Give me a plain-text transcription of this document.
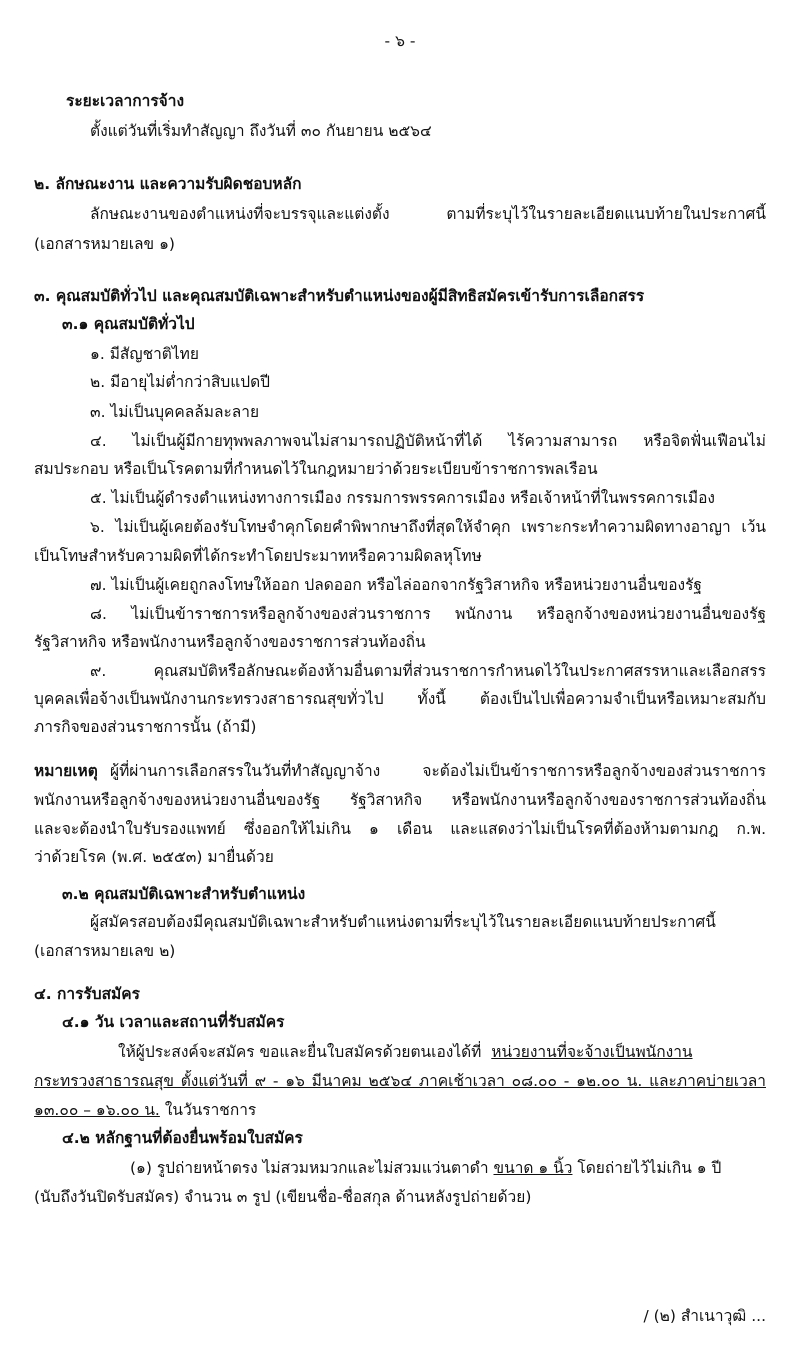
- ๖ -
ระยะเวลาการจ้าง
ตั้งแต่วันที่เริ่มทำสัญญา ถึงวันที่ ๓๐ กันยายน ๒๕๖๔
๒. ลักษณะงาน และความรับผิดชอบหลัก
ลักษณะงานของตำแหน่งที่จะบรรจุและแต่งตั้ง ตามที่ระบุไว้ในรายละเอียดแนบท้ายในประกาศนี้
(เอกสารหมายเลข ๑)
๓. คุณสมบัติทั่วไป และคุณสมบัติเฉพาะสำหรับตำแหน่งของผู้มีสิทธิสมัครเข้ารับการเลือกสรร
๓.๑ คุณสมบัติทั่วไป
๑. มีสัญชาติไทย
๒. มีอายุไม่ต่ำกว่าสิบแปดปี
๓. ไม่เป็นบุคคลล้มละลาย
๔. ไม่เป็นผู้มีกายทุพพลภาพจนไม่สามารถปฏิบัติหน้าที่ได้ ไร้ความสามารถ หรือจิตฟั่นเฟือนไม่
สมประกอบ หรือเป็นโรคตามที่กำหนดไว้ในกฎหมายว่าด้วยระเบียบข้าราชการพลเรือน
๕. ไม่เป็นผู้ดำรงตำแหน่งทางการเมือง กรรมการพรรคการเมือง หรือเจ้าหน้าที่ในพรรคการเมือง
๖. ไม่เป็นผู้เคยต้องรับโทษจำคุกโดยคำพิพากษาถึงที่สุดให้จำคุก เพราะกระทำความผิดทางอาญา เว้น
เป็นโทษสำหรับความผิดที่ได้กระทำโดยประมาทหรือความผิดลหุโทษ
๗. ไม่เป็นผู้เคยถูกลงโทษให้ออก ปลดออก หรือไล่ออกจากรัฐวิสาหกิจ หรือหน่วยงานอื่นของรัฐ
๘. ไม่เป็นข้าราชการหรือลูกจ้างของส่วนราชการ พนักงาน หรือลูกจ้างของหน่วยงานอื่นของรัฐ
รัฐวิสาหกิจ หรือพนักงานหรือลูกจ้างของราชการส่วนท้องถิ่น
๙. คุณสมบัติหรือลักษณะต้องห้ามอื่นตามที่ส่วนราชการกำหนดไว้ในประกาศสรรหาและเลือกสรร
บุคคลเพื่อจ้างเป็นพนักงานกระทรวงสาธารณสุขทั่วไป ทั้งนี้ ต้องเป็นไปเพื่อความจำเป็นหรือเหมาะสมกับ
ภารกิจของส่วนราชการนั้น (ถ้ามี)
หมายเหตุ ผู้ที่ผ่านการเลือกสรรในวันที่ทำสัญญาจ้าง จะต้องไม่เป็นข้าราชการหรือลูกจ้างของส่วนราชการ
พนักงานหรือลูกจ้างของหน่วยงานอื่นของรัฐ รัฐวิสาหกิจ หรือพนักงานหรือลูกจ้างของราชการส่วนท้องถิ่น
และจะต้องนำใบรับรองแพทย์ ซึ่งออกให้ไม่เกิน ๑ เดือน และแสดงว่าไม่เป็นโรคที่ต้องห้ามตามกฎ ก.พ.
ว่าด้วยโรค (พ.ศ. ๒๕๕๓) มายื่นด้วย
๓.๒ คุณสมบัติเฉพาะสำหรับตำแหน่ง
ผู้สมัครสอบต้องมีคุณสมบัติเฉพาะสำหรับตำแหน่งตามที่ระบุไว้ในรายละเอียดแนบท้ายประกาศนี้
(เอกสารหมายเลข ๒)
๔. การรับสมัคร
๔.๑ วัน เวลาและสถานที่รับสมัคร
ให้ผู้ประสงค์จะสมัคร ขอและยื่นใบสมัครด้วยตนเองได้ที่ หน่วยงานที่จะจ้างเป็นพนักงาน
กระทรวงสาธารณสุข ตั้งแต่วันที่ ๙ - ๑๖ มีนาคม ๒๕๖๔ ภาคเช้าเวลา ๐๘.๐๐ - ๑๒.๐๐ น. และภาคบ่ายเวลา
๑๓.๐๐ – ๑๖.๐๐ น. ในวันราชการ
๔.๒ หลักฐานที่ต้องยื่นพร้อมใบสมัคร
(๑) รูปถ่ายหน้าตรง ไม่สวมหมวกและไม่สวมแว่นตาดำ ขนาด ๑ นิ้ว โดยถ่ายไว้ไม่เกิน ๑ ปี
(นับถึงวันปิดรับสมัคร) จำนวน ๓ รูป (เขียนชื่อ-ชื่อสกุล ด้านหลังรูปถ่ายด้วย)
/ (๒) สำเนาวุฒิ ...
